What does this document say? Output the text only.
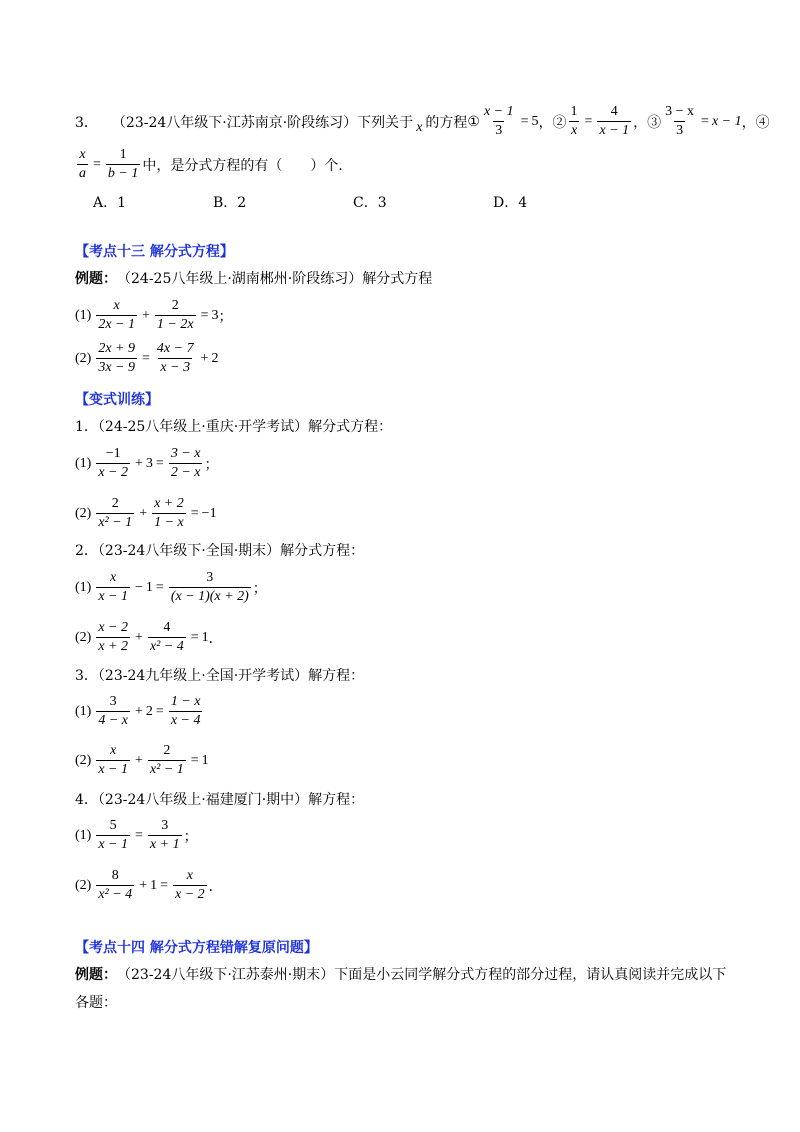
3． （23-24八年级下·江苏南京·阶段练习）下列关于 x 的方程 ① $\frac{x - 1}{3} = 5$ ，② $\frac{1}{x} = \frac{4}{x - 1}$ ，③ $\frac{3 - x}{3} = x - 1$ ，④
$\frac{x}{a} = \frac{1}{b - 1}$ 中，是分式方程的有（　　）个．
A．1	B．2	C．3	D．4
【考点十三 解分式方程】
例题： （24-25八年级上·湖南郴州·阶段练习）解分式方程
$(1) \frac{x}{2x - 1} + \frac{2}{1 - 2x} = 3$ ；
$(2) \frac{2x + 9}{3x - 9} = \frac{4x - 7}{x - 3} + 2$
【变式训练】
1．（24-25八年级上·重庆·开学考试）解分式方程：
$(1) \frac{-1}{x - 2} + 3 = \frac{3 - x}{2 - x}$ ；
$(2) \frac{2}{\text{x² − 1}} + \frac{x + 2}{1 - x} = -1$
2．（23-24八年级下·全国·期末）解分式方程：
$(1) \frac{x}{x - 1} - 1 = \frac{3}{(x - 1)(x + 2)}$ ；
$(2) \frac{x - 2}{x + 2} + \frac{4}{\text{x² − 4}} = 1$ ．
3．（23-24九年级上·全国·开学考试）解方程：
$(1) \frac{3}{4 - x} + 2 = \frac{1 - x}{x - 4}$
$(2) \frac{x}{x - 1} + \frac{2}{\text{x² − 1}} = 1$
4．（23-24八年级上·福建厦门·期中）解方程：
$(1) \frac{5}{x - 1} = \frac{3}{x + 1}$ ；
$(2) \frac{8}{\text{x² − 4}} + 1 = \frac{x}{x - 2}$ ．
【考点十四 解分式方程错解复原问题】
例题： （23-24八年级下·江苏泰州·期末）下面是小云同学解分式方程的部分过程，请认真阅读并完成以下
各题：
